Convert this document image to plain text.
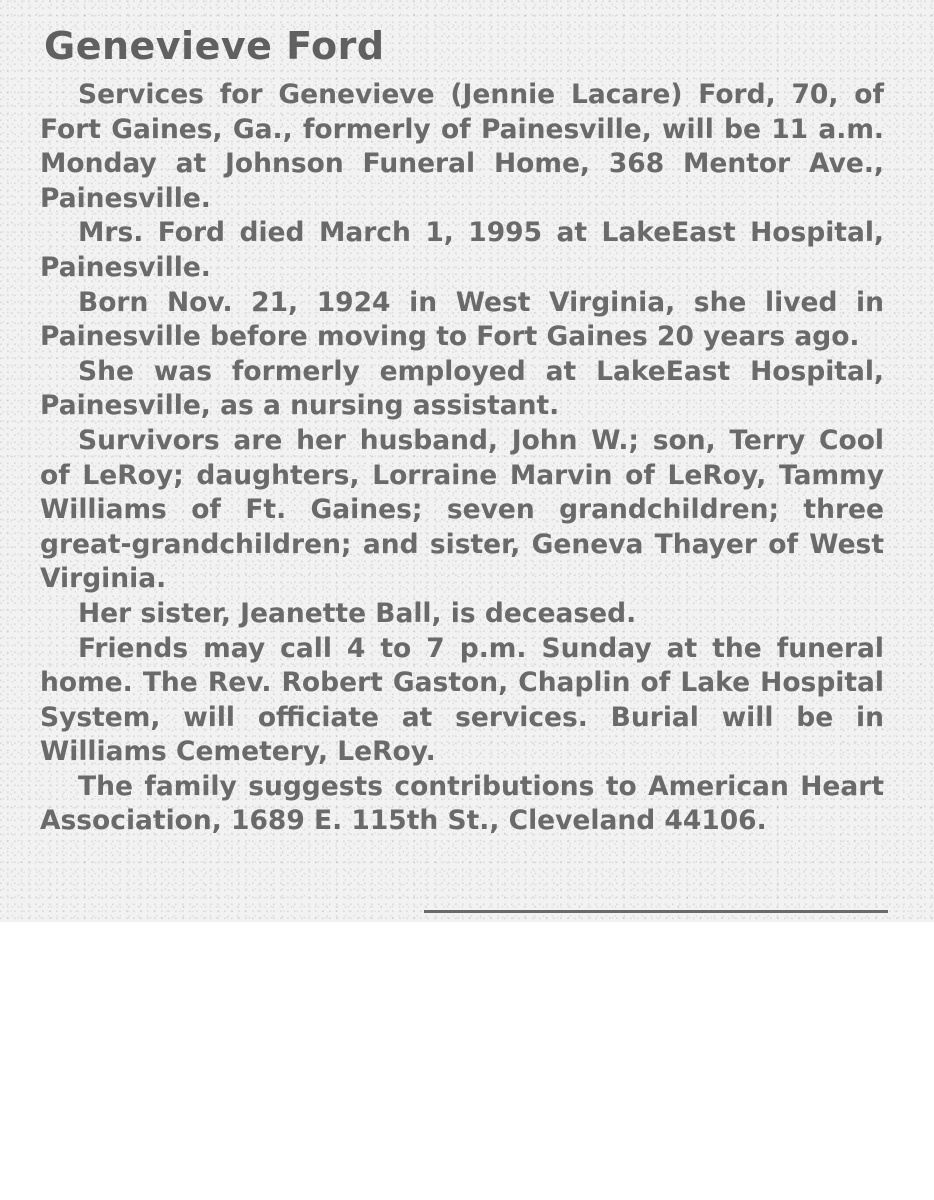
Genevieve Ford

Services for Genevieve (Jennie Lacare) Ford, 70, of Fort Gaines, Ga., formerly of Painesville, will be 11 a.m. Monday at Johnson Funeral Home, 368 Mentor Ave., Painesville.

Mrs. Ford died March 1, 1995 at LakeEast Hospital, Painesville.

Born Nov. 21, 1924 in West Virginia, she lived in Painesville before moving to Fort Gaines 20 years ago.

She was formerly employed at LakeEast Hospital, Painesville, as a nursing assistant.

Survivors are her husband, John W.; son, Terry Cool of LeRoy; daughters, Lorraine Marvin of LeRoy, Tammy Williams of Ft. Gaines; seven grandchildren; three great-grandchildren; and sister, Geneva Thayer of West Virginia.

Her sister, Jeanette Ball, is deceased.

Friends may call 4 to 7 p.m. Sunday at the funeral home. The Rev. Robert Gaston, Chaplin of Lake Hospital System, will officiate at services. Burial will be in Williams Cemetery, LeRoy.

The family suggests contributions to American Heart Association, 1689 E. 115th St., Cleveland 44106.
